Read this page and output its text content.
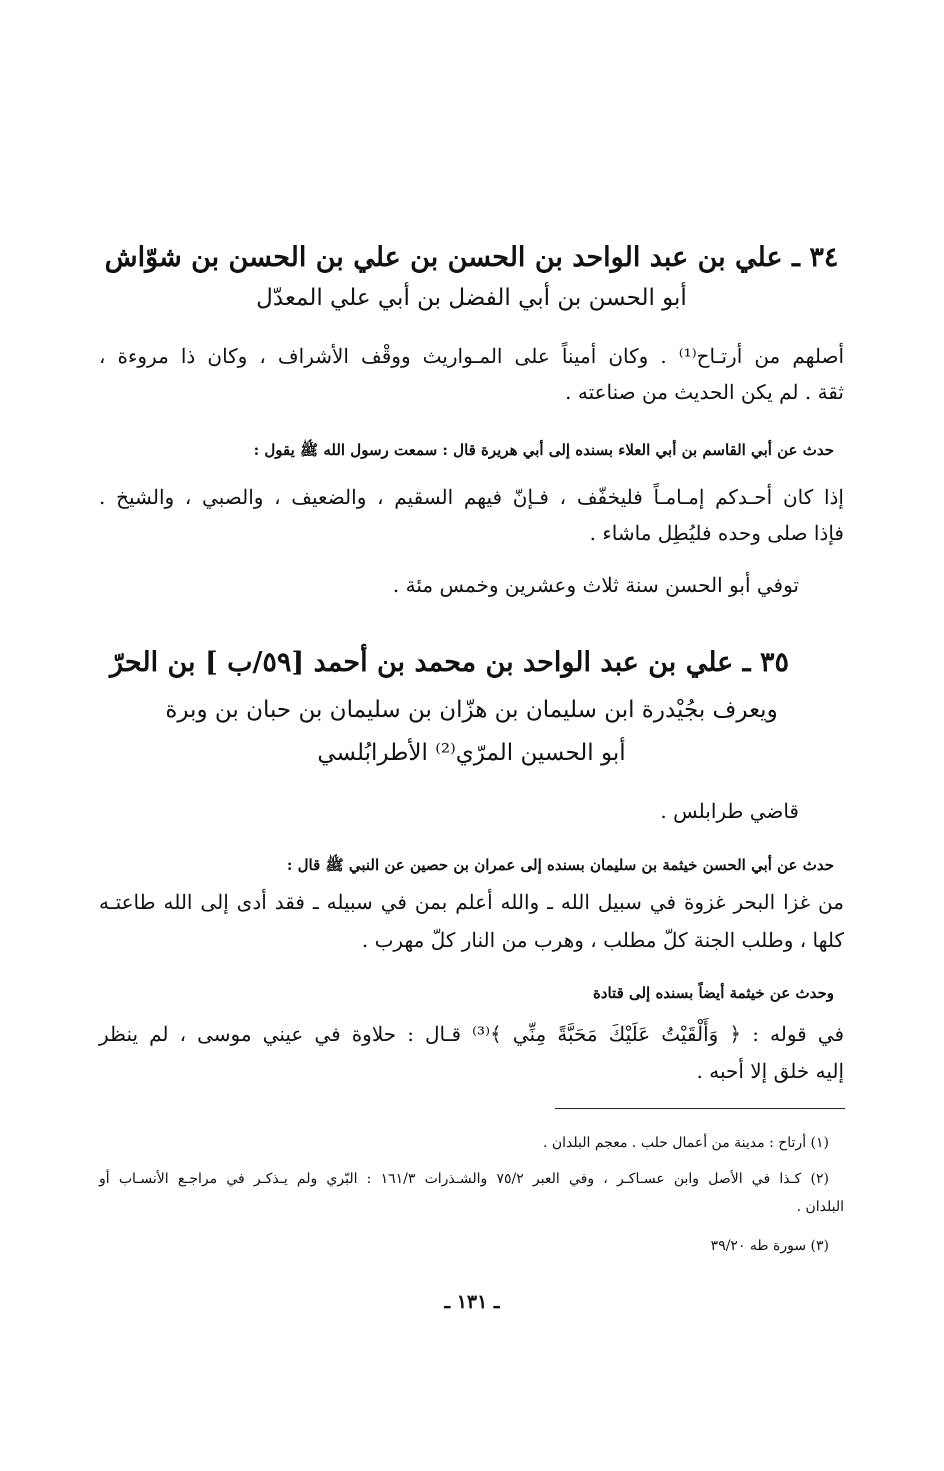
٣٤ ـ علي بن عبد الواحد بن الحسن بن علي بن الحسن بن شوّاش
أبو الحسن بن أبي الفضل بن أبي علي المعدّل
أصلهم من أرتـاح⁽¹⁾ . وكان أميناً على المـواريث ووقْف الأشراف ، وكان ذا مروءة ،
ثقة . لم يكن الحديث من صناعته .
حدث عن أبي القاسم بن أبي العلاء بسنده إلى أبي هريرة قال : سمعت رسول الله ﷺ يقول :
إذا كان أحـدكم إمـامـاً فليخفّف ، فـإنّ فيهم السقيم ، والضعيف ، والصبي ، والشيخ .
فإذا صلى وحده فليُطِل ماشاء .
توفي أبو الحسن سنة ثلاث وعشرين وخمس مئة .
٣٥ ـ علي بن عبد الواحد بن محمد بن أحمد [٥٩/ب ] بن الحرّ
ويعرف بجُيْدرة ابن سليمان بن هزّان بن سليمان بن حبان بن وبرة
أبو الحسين المرّي⁽²⁾ الأطرابُلسي
قاضي طرابلس .
حدث عن أبي الحسن خيثمة بن سليمان بسنده إلى عمران بن حصين عن النبي ﷺ قال :
من غزا البحر غزوة في سبيل الله ـ والله أعلم بمن في سبيله ـ فقد أدى إلى الله طاعتـه
كلها ، وطلب الجنة كلّ مطلب ، وهرب من النار كلّ مهرب .
وحدث عن خيثمة أيضاً بسنده إلى قتادة
في قوله : ﴿ وَأَلْقَيْتُ عَلَيْكَ مَحَبَّةً مِنِّي ﴾⁽³⁾ قـال : حلاوة في عيني موسى ، لم ينظر
إليه خلق إلا أحبه .
(١) أرتاح : مدينة من أعمال حلب . معجم البلدان .
(٢) كـذا في الأصل وابن عسـاكـر ، وفي العبر ٧٥/٢ والشـذرات ١٦١/٣ : البّري ولم يـذكـر في مراجـع الأنسـاب أو
البلدان .
(٣) سورة طه ٣٩/٢٠
ـ ١٣١ ـ
